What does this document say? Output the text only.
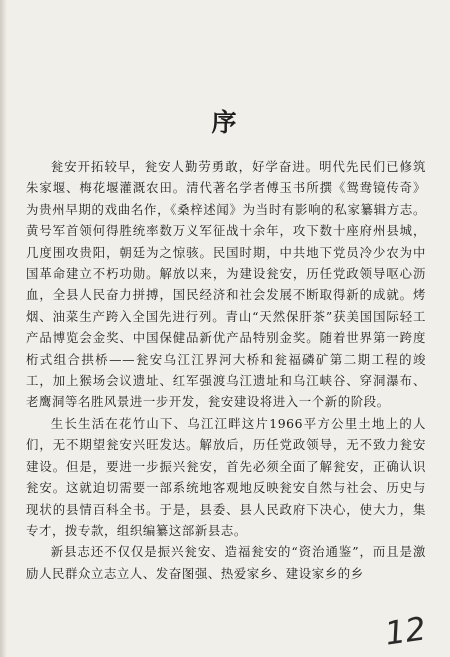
序

瓮安开拓较早，瓮安人勤劳勇敢，好学奋进。明代先民们已修筑朱家堰、梅花堰灌溉农田。清代著名学者傅玉书所撰《鸳鸯镜传奇》为贵州早期的戏曲名作，《桑梓述闻》为当时有影响的私家纂辑方志。黄号军首领何得胜统率数万义军征战十余年，攻下数十座府州县城，几度围攻贵阳，朝廷为之惊骇。民国时期，中共地下党员冷少农为中国革命建立不朽功勋。解放以来，为建设瓮安，历任党政领导呕心沥血，全县人民奋力拼搏，国民经济和社会发展不断取得新的成就。烤烟、油菜生产跨入全国先进行列。青山“天然保肝茶”获美国国际轻工产品博览会金奖、中国保健品新优产品特别金奖。随着世界第一跨度桁式组合拱桥——瓮安乌江江界河大桥和瓮福磷矿第二期工程的竣工，加上猴场会议遗址、红军强渡乌江遗址和乌江峡谷、穿洞瀑布、老鹰洞等名胜风景进一步开发，瓮安建设将进入一个新的阶段。

生长生活在花竹山下、乌江江畔这片1966平方公里土地上的人们，无不期望瓮安兴旺发达。解放后，历任党政领导，无不致力瓮安建设。但是，要进一步振兴瓮安，首先必须全面了解瓮安，正确认识瓮安。这就迫切需要一部系统地客观地反映瓮安自然与社会、历史与现状的县情百科全书。于是，县委、县人民政府下决心，使大力，集专才，拨专款，组织编纂这部新县志。

新县志还不仅仅是振兴瓮安、造福瓮安的“资治通鉴”，而且是激励人民群众立志立人、发奋图强、热爱家乡、建设家乡的乡

12
